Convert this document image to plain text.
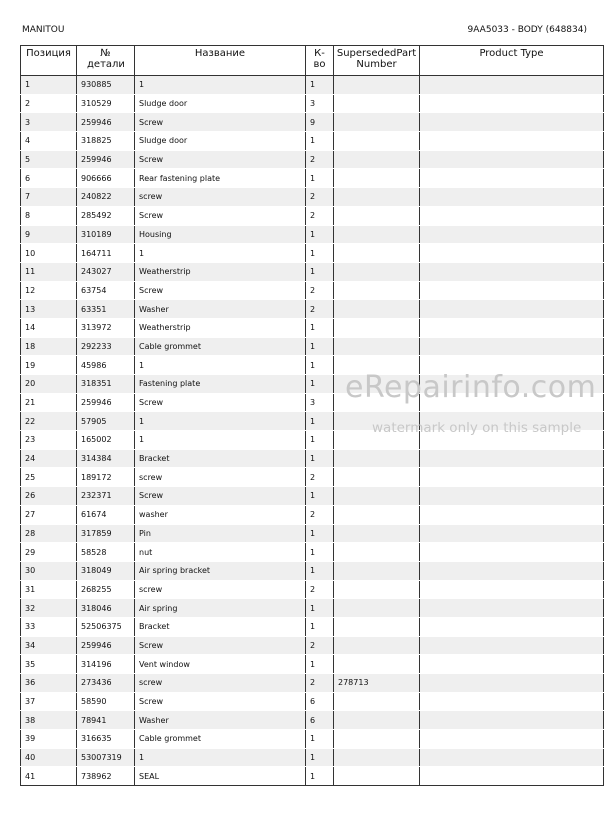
MANITOU	9AA5033 - BODY (648834)
Позиция	№ детали	Название	К-во	SupersededPartNumber	Product Type
1	930885	1	1		
2	310529	Sludge door	3		
3	259946	Screw	9		
4	318825	Sludge door	1		
5	259946	Screw	2		
6	906666	Rear fastening plate	1		
7	240822	screw	2		
8	285492	Screw	2		
9	310189	Housing	1		
10	164711	1	1		
11	243027	Weatherstrip	1		
12	63754	Screw	2		
13	63351	Washer	2		
14	313972	Weatherstrip	1		
18	292233	Cable grommet	1		
19	45986	1	1		
20	318351	Fastening plate	1		
21	259946	Screw	3		
22	57905	1	1		
23	165002	1	1		
24	314384	Bracket	1		
25	189172	screw	2		
26	232371	Screw	1		
27	61674	washer	2		
28	317859	Pin	1		
29	58528	nut	1		
30	318049	Air spring bracket	1		
31	268255	screw	2		
32	318046	Air spring	1		
33	52506375	Bracket	1		
34	259946	Screw	2		
35	314196	Vent window	1		
36	273436	screw	2	278713	
37	58590	Screw	6		
38	78941	Washer	6		
39	316635	Cable grommet	1		
40	53007319	1	1		
41	738962	SEAL	1		
eRepairinfo.com
watermark only on this sample
